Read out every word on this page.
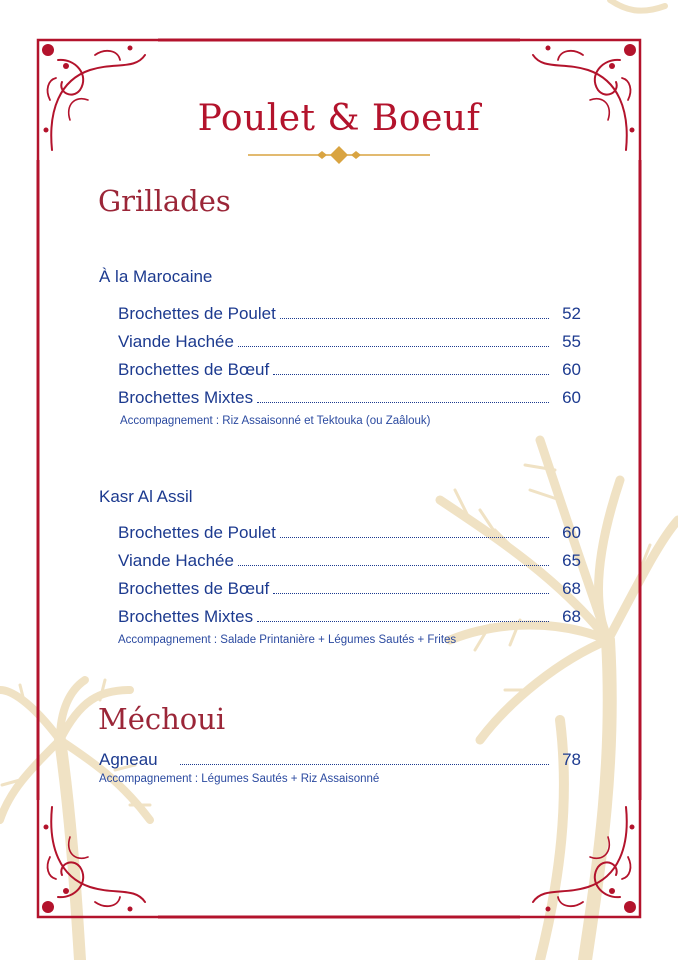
Poulet & Boeuf
Grillades
À la Marocaine
Brochettes de Poulet	52
Viande Hachée	55
Brochettes de Bœuf	60
Brochettes Mixtes	60
Accompagnement : Riz Assaisonné et Tektouka (ou Zaâlouk)
Kasr Al Assil
Brochettes de Poulet	60
Viande Hachée	65
Brochettes de Bœuf	68
Brochettes Mixtes	68
Accompagnement : Salade Printanière + Légumes Sautés + Frites
Méchoui
Agneau	78
Accompagnement : Légumes Sautés + Riz Assaisonné
